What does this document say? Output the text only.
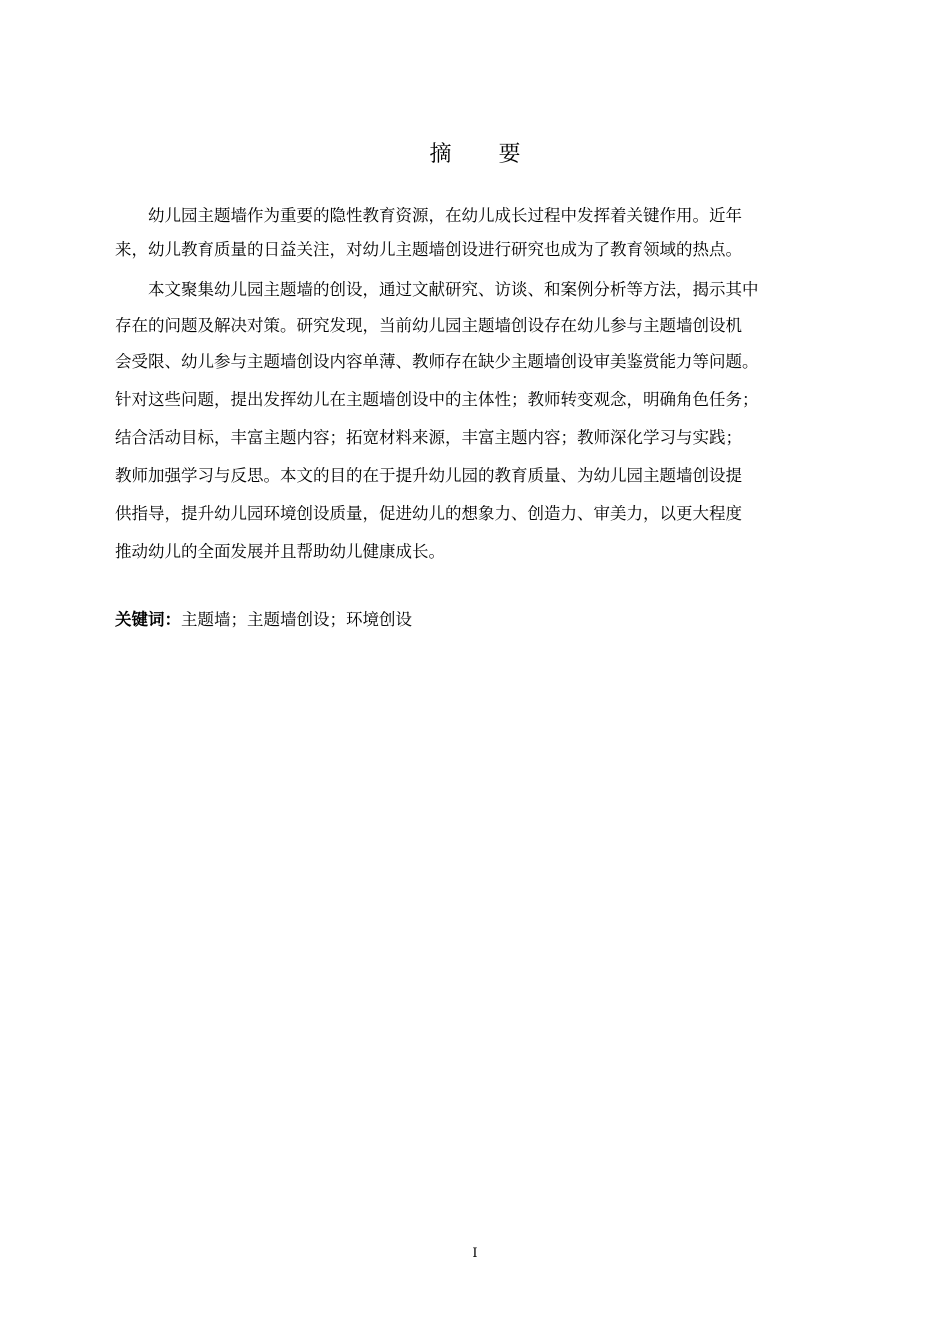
摘 要
幼儿园主题墙作为重要的隐性教育资源，在幼儿成长过程中发挥着关键作用。近年
来，幼儿教育质量的日益关注，对幼儿主题墙创设进行研究也成为了教育领域的热点。
本文聚集幼儿园主题墙的创设，通过文献研究、访谈、和案例分析等方法，揭示其中
存在的问题及解决对策。研究发现，当前幼儿园主题墙创设存在幼儿参与主题墙创设机
会受限、幼儿参与主题墙创设内容单薄、教师存在缺少主题墙创设审美鉴赏能力等问题。
针对这些问题，提出发挥幼儿在主题墙创设中的主体性；教师转变观念，明确角色任务；
结合活动目标，丰富主题内容；拓宽材料来源，丰富主题内容；教师深化学习与实践；
教师加强学习与反思。本文的目的在于提升幼儿园的教育质量、为幼儿园主题墙创设提
供指导，提升幼儿园环境创设质量，促进幼儿的想象力、创造力、审美力，以更大程度
推动幼儿的全面发展并且帮助幼儿健康成长。
关键词：主题墙；主题墙创设；环境创设
I
